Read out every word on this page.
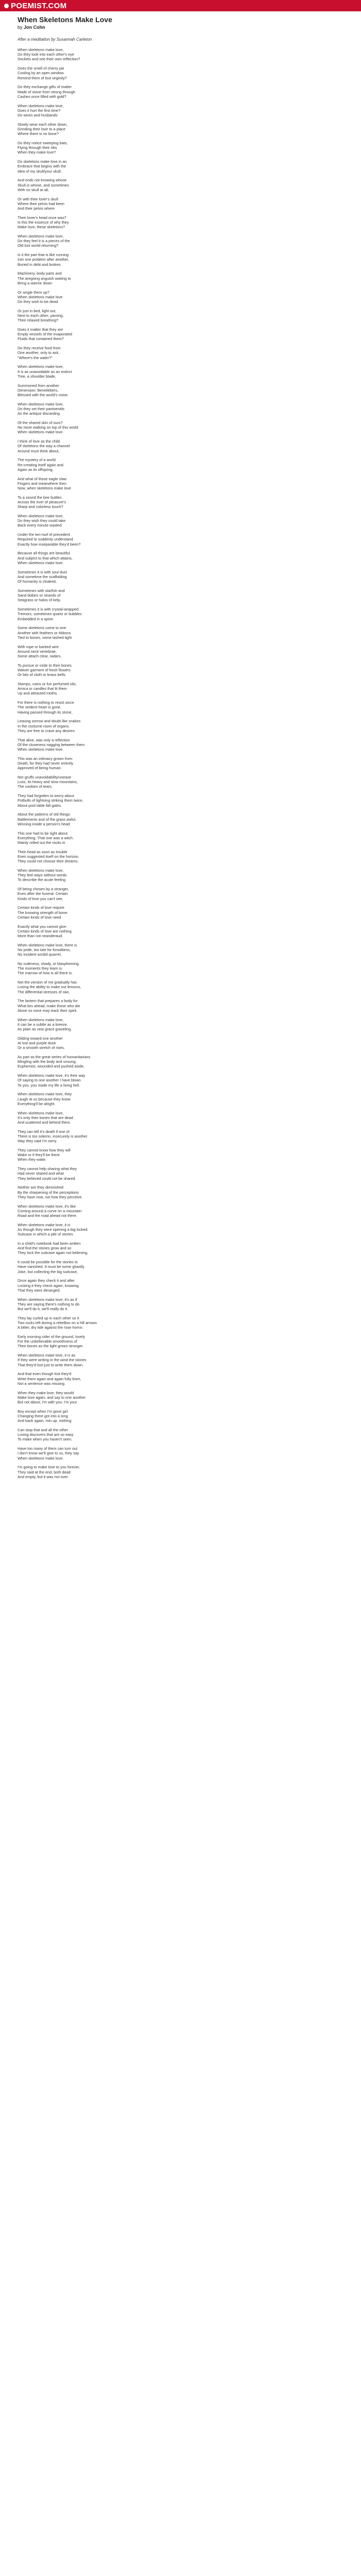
POEMIST.COM
When Skeletons Make Love
by Jon Cohn
After a meditation by Susannah Carleton
When skeletons make love,
Do they look into each other's eye
Sockets and see their own reflection?
Does the smell of cherry pie
Cooling by an open window
Remind them of lost virginity?
Do they exchange gifts of matter
Made of stone from strong through
Cashes once filled with gold?
When skeletons make love,
Does it hurt the first time?
Do wives and husbands
Slowly wear each other down,
Grinding their love to a place
Where there is no bone?
Do they notice sweeping bats,
Flying through their ribs
When they make love?
Do skeletons make love in an
Embrace that begins with the
Idea of my skull/your skull,
And ends not knowing whose
Skull is whose, and sometimes
With no skull at all,
Or with their lover's skull
Where their pelvis had been
And their pelvis where
Their lover's head once was?
Is this the essence of why they
Make love, these skeletons?
When skeletons make love,
Do they feel it is a pieces of the
Old lost world returning?
Is it the part that is like running
Into one problem after another,
Buried in debt and broken
Machinery, body parts and
The aregoing anguish waiting to
Bring a warrior down
Or single them up?
When skeletons make love
Do they wish to be dead
Or just in bed, light out,
Next to each other, yarning,
Their relaxed breathing?
Does it matter that they are
Empty vessels of the evaporated
Fluids that contained them?
Do they receive food from
One another, only to ask,
"Where's the water?"
When skeletons make love,
It is as unavoidable as an extinct
Tree, a shoulder blade,
Summoned from another
Dimension: Beneliebers,
Blessed with the world's noise.
When skeletons make love,
Do they set their pantoenids
As the antique discarding
Of the shared skin of ours?
No more walking on top of this world
When skeletons make love.
I think of love as the child
Of skeletons the way a channel
Around must think about,
The mystery of a world
Re-creating itself again and
Again as its offspring,
And what of those eagle claw
Fingers and meanwhere then
Now, when skeletons make love
To a sound the bee buttles
Across the river of pleasure's
Sharp and colorless touch?
When skeletons make love,
Do they wish they could take
Back every minute wasted
Under the ten-roof of precedent
Required to suddenly understand
Exactly how inseparable they'd been?
Because all things are beautiful
And subject to that which attains,
When skeletons make love.
Sometimes it is with soul dust
And sometime the scaffolding
Of humanity is cloaked,
Sometimes with starfish and
Sand dollars or strands of
Seagrass or halos of kelp,
Sometimes it is with crystal-wrapped
Tremors, sometimes quartz or bubbles
Embedded in a spine.
Some skeletons come to one
Another with feathers or ribbons
Tied to bones, some lashed tight
With rope or barbed wire
Around neck vertebrae,
Some attach clear, radars,
To pursue or cede to their bones.
Waiver garment of fresh flowers
Or bits of cloth or brass bells.
Stamps, coins or fun perfumed oils,
Amica or candles that lit them
Up and attracted moths,
For there is nothing to resist since
The strident heart is gone.
Having passed through its stone,
Leaving sorrow and doubt like snakes
In the costume room of organs.
They are free to crave any desires
That alive, was only a reflection
Of the closeness nagging between them
When skeletons make love.
This was an intimacy grown from
Death, for they had never entirely
Approved of being human.
Nor gruffs unavoidability/unease
Loss, its heavy and slow mountains,
The cookies of tears,
They had forgotten to worry about
Potbulls of lightning striking them twice,
About pool table fall gates.
About the patterns of old things:
Battlements and of the grass awful.
Winning inside a person's head.
This one had to be right about
Everything. That one was a witch.
Mainly rolled out the rocks in
Their head as soon as trouble
Even suggested itself on the horizon.
They could not choose their dreams.
When skeletons make love,
They feel ways without words
To describe the acute feeling
Of being chosen by a stranger,
Even after the funeral. Certain
Kinds of love you can't see,
Certain kinds of love require
The knowing strength of bone.
Certain kinds of love need
Exactly what you cannot give.
Certain kinds of love are nothing
More than not neanderaud.
When skeletons make love, there is
No pride, too late for forsaltiess,
No incident sordid quarrel,
No rudeness, shady, or blaspheming.
The moments they learn is
The marrow of how is all there is.
Not the version of me gradually has
Losing the ability to make out lessons,
The differential stresses of rain.
The lantern that prepares a body for
What lies ahead, make those who die
Alone so none may track their spirit.
When skeletons make love,
It can be a subtle as a breeze,
As plain as new grace graveling.
Gliding toward one another
At lost and purple dusk
Or a smooth stretch of rises.
As part as the great series of humanitarians
Mingling with the body and unsung,
Euphemist, wounded and pushed aside,
When skeletons make love, it's their way
Of saying to one another I have blown
To you, you made my life a living hell.
When skeletons make love, they
Laugh at us because they know
Everything'll be alright.
When skeletons make love,
It's only their bones that are dead
And scattered and behind them.
They can tell it's death if one of
There is too solemn, insecurely is another.
Way they said I'm sorry.
They cannot know how they will
Wake or if they'll be there
When they wake.
They cannot help sharing what they
Had never shared and what
They believed could not be shared.
Neither are they diminished
By the sharpening of the perceptions
They have now, not how they perceive.
When skeletons make love, it's like
Coming around a curve on a mountain
Road and the road ahead not there.
When skeletons make love, it is
As though they were opening a big locked
Suitcase in which a pile of stories
In a child's notebook had been written
And find the stories grow and so
They lock the suitcase again not believing.
It could be possible for the stories to
Have vanished. It must be some ghastly
Joke, but collecting the big suitcase,
Once again they check it and after
Locking it they check again, knowing
That they were deranged.
When skeletons make love, it's as if
They are saying there's nothing to do.
But we'll do it, we'll really do it.
They lay curled up in each other so it
Two rocks left during a rebellion on a hill arrows
A bitter, dry tide against the rose horror.
Early morning cider of the ground, lovely
For the unbelievable smoothness of
Their bones as the light grows stronger.
When skeletons make love, it is as
If they were writing in the wind the stories
That they'd lost just to write them down.
And that even though lost they'd
Write them again and again fully linen,
Not a sentence was missing.
When they make love, they would
Make love again, and say to one another
But not about; I'm with you; I'm your
Boy except when I'm gone girl.
Changing there got into a long
And back again, min up, nothing
Can stop that and all the other
Loving discovers that are so easy
To make when you haven't seen.
Have too many of them can turn out
I don't know we'll give to us, they say
When skeletons make love.
I'm going to make love to you forever,
They said at the end, both dead
And empty, but it was not over.
